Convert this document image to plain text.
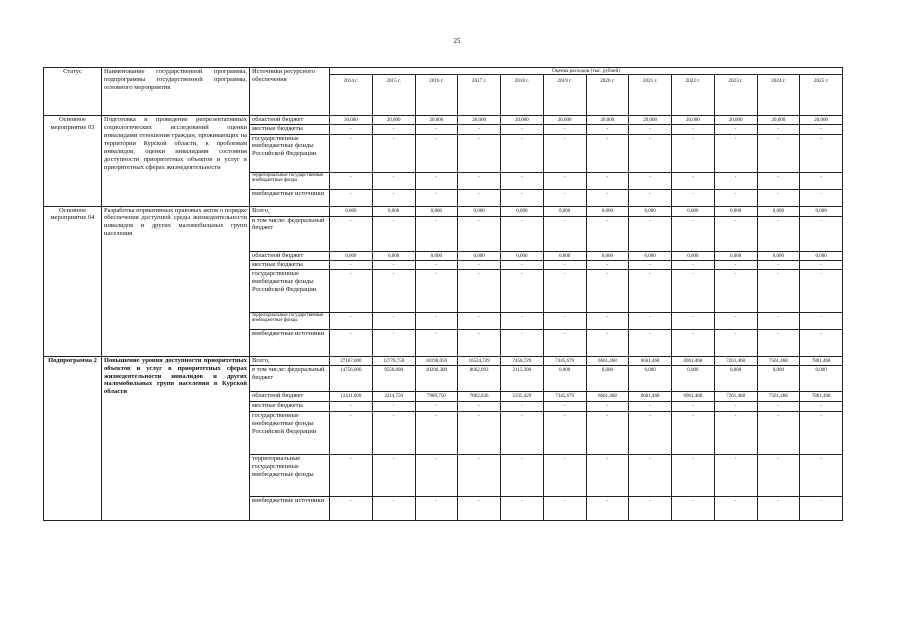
25
Статус	Наименование государственной программы, подпрограммы государственной программы, основного мероприятия	Источники ресурсного обеспечения	Оценка расходов (тыс. рублей)											
			2014 г.	2015 г.	2016 г.	2017 г.	2018 г.	2019 г.	2020 г.	2021 г.	2022 г.	2023 г.	2024 г.	2025 г.
Основное мероприятие 03	Подготовка и проведение репрезентативных социологических исследований оценки инвалидами отношения граждан, проживающих на территории Курской области, к проблемам инвалидов, оценки инвалидами состояния доступности приоритетных объектов и услуг в приоритетных сферах жизнедеятельности	областной бюджет	30,000	20,000	20,000	20,000	20,000	20,000	20,000	20,000	20,000	20,000	20,000	20,000
		местные бюджеты	-	-	-	-	-	-	-	-	-	-	-	-
		государственные внебюджетные фонды Российской Федерации	-	-	-	-	-	-	-	-	-	-	-	-
		территориальные государственные внебюджетные фонды	-	-	-	-	-	-	-	-	-	-	-	-
		внебюджетные источники	-	-	-	-	-	-	-	-	-	-	-	-
Основное мероприятие 04	Разработка нормативных правовых актов о порядке обеспечения доступной среды жизнедеятельности инвалидов и других маломобильных групп населения	Всего,	0,000	0,000	0,000	0,000	0,000	0,000	0,000	0,000	0,000	0,000	0,000	0,000
		в том числе: федеральный бюджет	-	-	-	-	-	-	-	-	-	-	-	-
		областной бюджет	0,000	0,000	0,000	0,000	0,000	0,000	0,000	0,000	0,000	0,000	0,000	0,000
		местные бюджеты	-	-	-	-	-	-	-	-	-	-	-	-
		государственные внебюджетные фонды Российской Федерации	-	-	-	-	-	-	-	-	-	-	-	-
		территориальные государственные внебюджетные фонды	-	-	-	-	-	-	-	-	-	-	-	-
		внебюджетные источники	-	-	-	-	-	-	-	-	-	-	-	-
Подпрограмма 2	Повышение уровня доступности приоритетных объектов и услуг в приоритетных сферах жизнедеятельности инвалидов и других маломобильных групп населения в Курской области	Всего,	27167,000	12770,750	18196,050	16524,729	7450,729	7345,679	6661,468	6661,468	6961,468	7261,468	7561,468	7861,468
		в том числе: федеральный бюджет	14756,000	9556,000	10206,300	8662,093	2115,300	0,000	0,000	0,000	0,000	0,000	0,000	0,000
		областной бюджет	12411,000	3214,750	7989,750	7862,636	5335,429	7345,679	6661,468	6661,468	6961,468	7261,468	7561,468	7861,468
		местные бюджеты	-	-	-	-	-	-	-	-	-	-	-	-
		государственные внебюджетные фонды Российской Федерации	-	-	-	-	-	-	-	-	-	-	-	-
		территориальные государственные внебюджетные фонды	-	-	-	-	-	-	-	-	-	-	-	-
		внебюджетные источники	-	-	-	-	-	-	-	-	-	-	-	-
